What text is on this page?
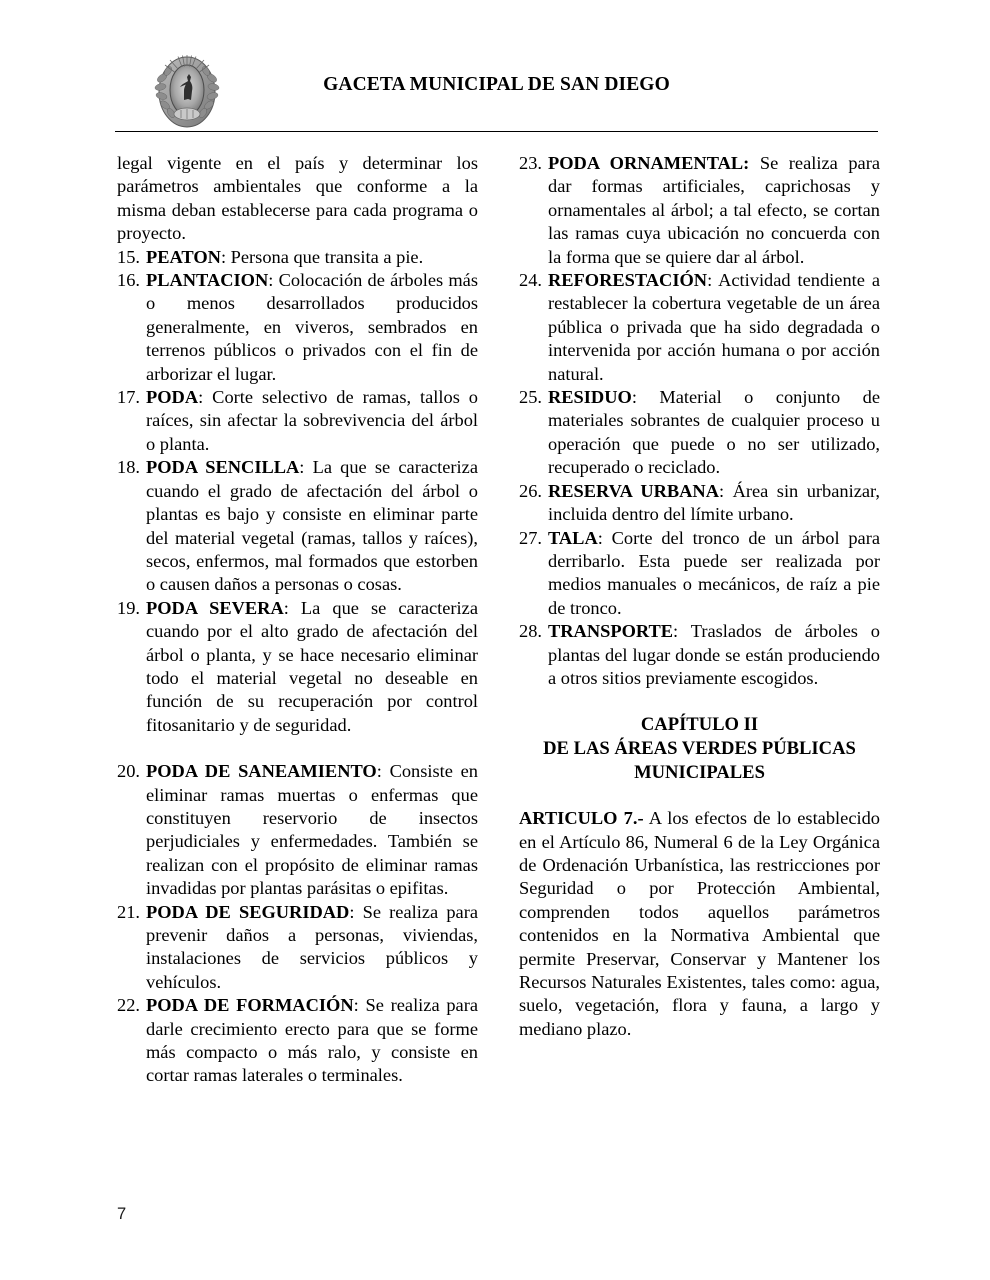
GACETA MUNICIPAL DE SAN DIEGO

legal vigente en el país y determinar los parámetros ambientales que conforme a la misma deban establecerse para cada programa o proyecto.

15. PEATON: Persona que transita a pie.

16. PLANTACION: Colocación de árboles más o menos desarrollados producidos generalmente, en viveros, sembrados en terrenos públicos o privados con el fin de arborizar el lugar.

17. PODA: Corte selectivo de ramas, tallos o raíces, sin afectar la sobrevivencia del árbol o planta.

18. PODA SENCILLA: La que se caracteriza cuando el grado de afectación del árbol o plantas es bajo y consiste en eliminar parte del material vegetal (ramas, tallos y raíces), secos, enfermos, mal formados que estorben o causen daños a personas o cosas.

19. PODA SEVERA: La que se caracteriza cuando por el alto grado de afectación del árbol o planta, y se hace necesario eliminar todo el material vegetal no deseable en función de su recuperación por control fitosanitario y de seguridad.

20. PODA DE SANEAMIENTO: Consiste en eliminar ramas muertas o enfermas que constituyen reservorio de insectos perjudiciales y enfermedades. También se realizan con el propósito de eliminar ramas invadidas por plantas parásitas o epifitas.

21. PODA DE SEGURIDAD: Se realiza para prevenir daños a personas, viviendas, instalaciones de servicios públicos y vehículos.

22. PODA DE FORMACIÓN: Se realiza para darle crecimiento erecto para que se forme más compacto o más ralo, y consiste en cortar ramas laterales o terminales.

23. PODA ORNAMENTAL: Se realiza para dar formas artificiales, caprichosas y ornamentales al árbol; a tal efecto, se cortan las ramas cuya ubicación no concuerda con la forma que se quiere dar al árbol.

24. REFORESTACIÓN: Actividad tendiente a restablecer la cobertura vegetable de un área pública o privada que ha sido degradada o intervenida por acción humana o por acción natural.

25. RESIDUO: Material o conjunto de materiales sobrantes de cualquier proceso u operación que puede o no ser utilizado, recuperado o reciclado.

26. RESERVA URBANA: Área sin urbanizar, incluida dentro del límite urbano.

27. TALA: Corte del tronco de un árbol para derribarlo. Esta puede ser realizada por medios manuales o mecánicos, de raíz a pie de tronco.

28. TRANSPORTE: Traslados de árboles o plantas del lugar donde se están produciendo a otros sitios previamente escogidos.

CAPÍTULO II
DE LAS ÁREAS VERDES PÚBLICAS
MUNICIPALES

ARTICULO 7.- A los efectos de lo establecido en el Artículo 86, Numeral 6 de la Ley Orgánica de Ordenación Urbanística, las restricciones por Seguridad o por Protección Ambiental, comprenden todos aquellos parámetros contenidos en la Normativa Ambiental que permite Preservar, Conservar y Mantener los Recursos Naturales Existentes, tales como: agua, suelo, vegetación, flora y fauna, a largo y mediano plazo.

7
